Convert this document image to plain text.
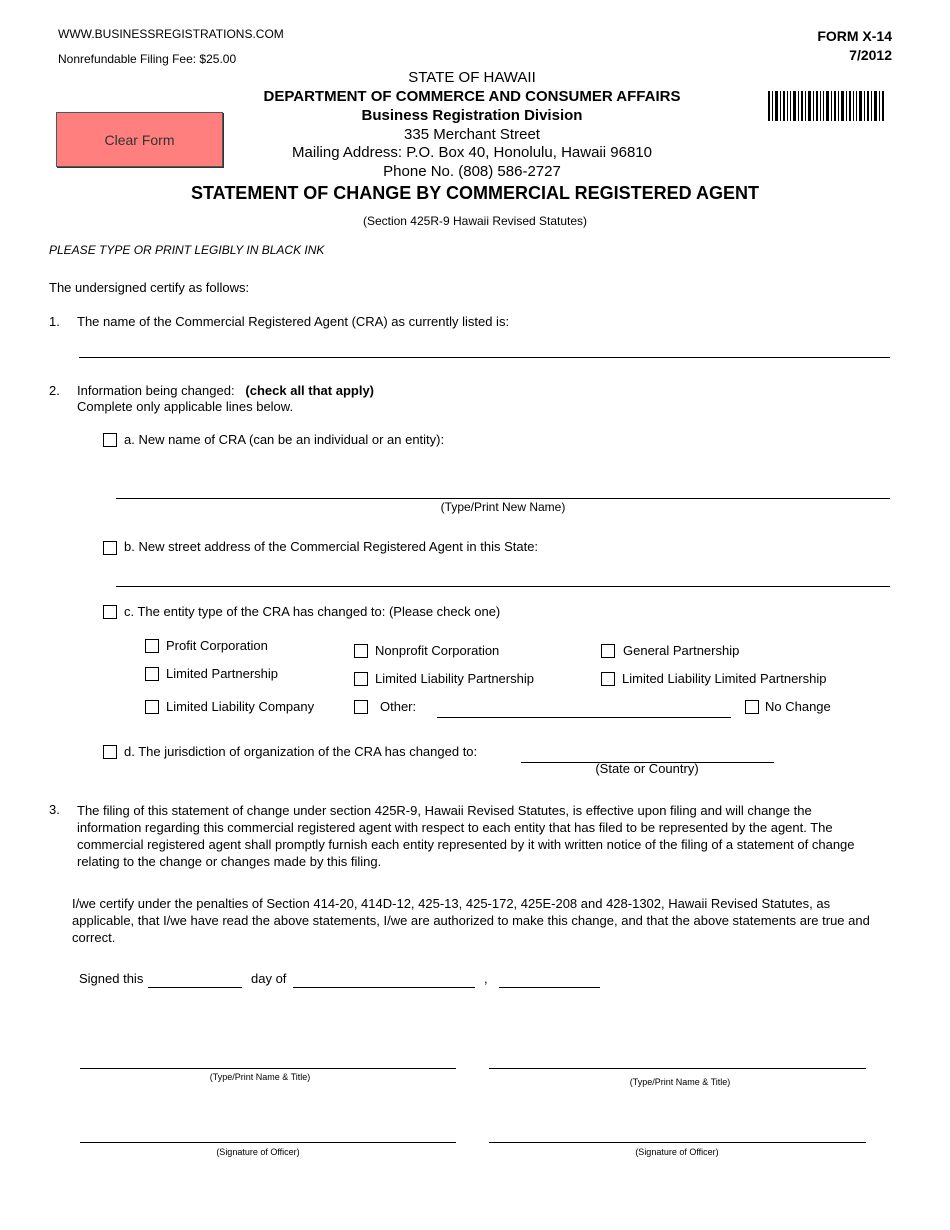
WWW.BUSINESSREGISTRATIONS.COM
Nonrefundable Filing Fee: $25.00
FORM X-14
7/2012
STATE OF HAWAII
DEPARTMENT OF COMMERCE AND CONSUMER AFFAIRS
Business Registration Division
335 Merchant Street
Mailing Address: P.O. Box 40, Honolulu, Hawaii 96810
Phone No. (808) 586-2727
STATEMENT OF CHANGE BY COMMERCIAL REGISTERED AGENT
(Section 425R-9 Hawaii Revised Statutes)
Clear Form
PLEASE TYPE OR PRINT LEGIBLY IN BLACK INK
The undersigned certify as follows:
1. The name of the Commercial Registered Agent (CRA) as currently listed is:
2. Information being changed: (check all that apply)
Complete only applicable lines below.
a. New name of CRA (can be an individual or an entity):
(Type/Print New Name)
b. New street address of the Commercial Registered Agent in this State:
c. The entity type of the CRA has changed to: (Please check one)
Profit Corporation	Nonprofit Corporation	General Partnership
Limited Partnership	Limited Liability Partnership	Limited Liability Limited Partnership
Limited Liability Company	Other:	No Change
d. The jurisdiction of organization of the CRA has changed to:
(State or Country)
3. The filing of this statement of change under section 425R-9, Hawaii Revised Statutes, is effective upon filing and will change the information regarding this commercial registered agent with respect to each entity that has filed to be represented by the agent. The commercial registered agent shall promptly furnish each entity represented by it with written notice of the filing of a statement of change relating to the change or changes made by this filing.
I/we certify under the penalties of Section 414-20, 414D-12, 425-13, 425-172, 425E-208 and 428-1302, Hawaii Revised Statutes, as applicable, that I/we have read the above statements, I/we are authorized to make this change, and that the above statements are true and correct.
Signed this	day of	,
(Type/Print Name & Title)	(Type/Print Name & Title)
(Signature of Officer)	(Signature of Officer)
